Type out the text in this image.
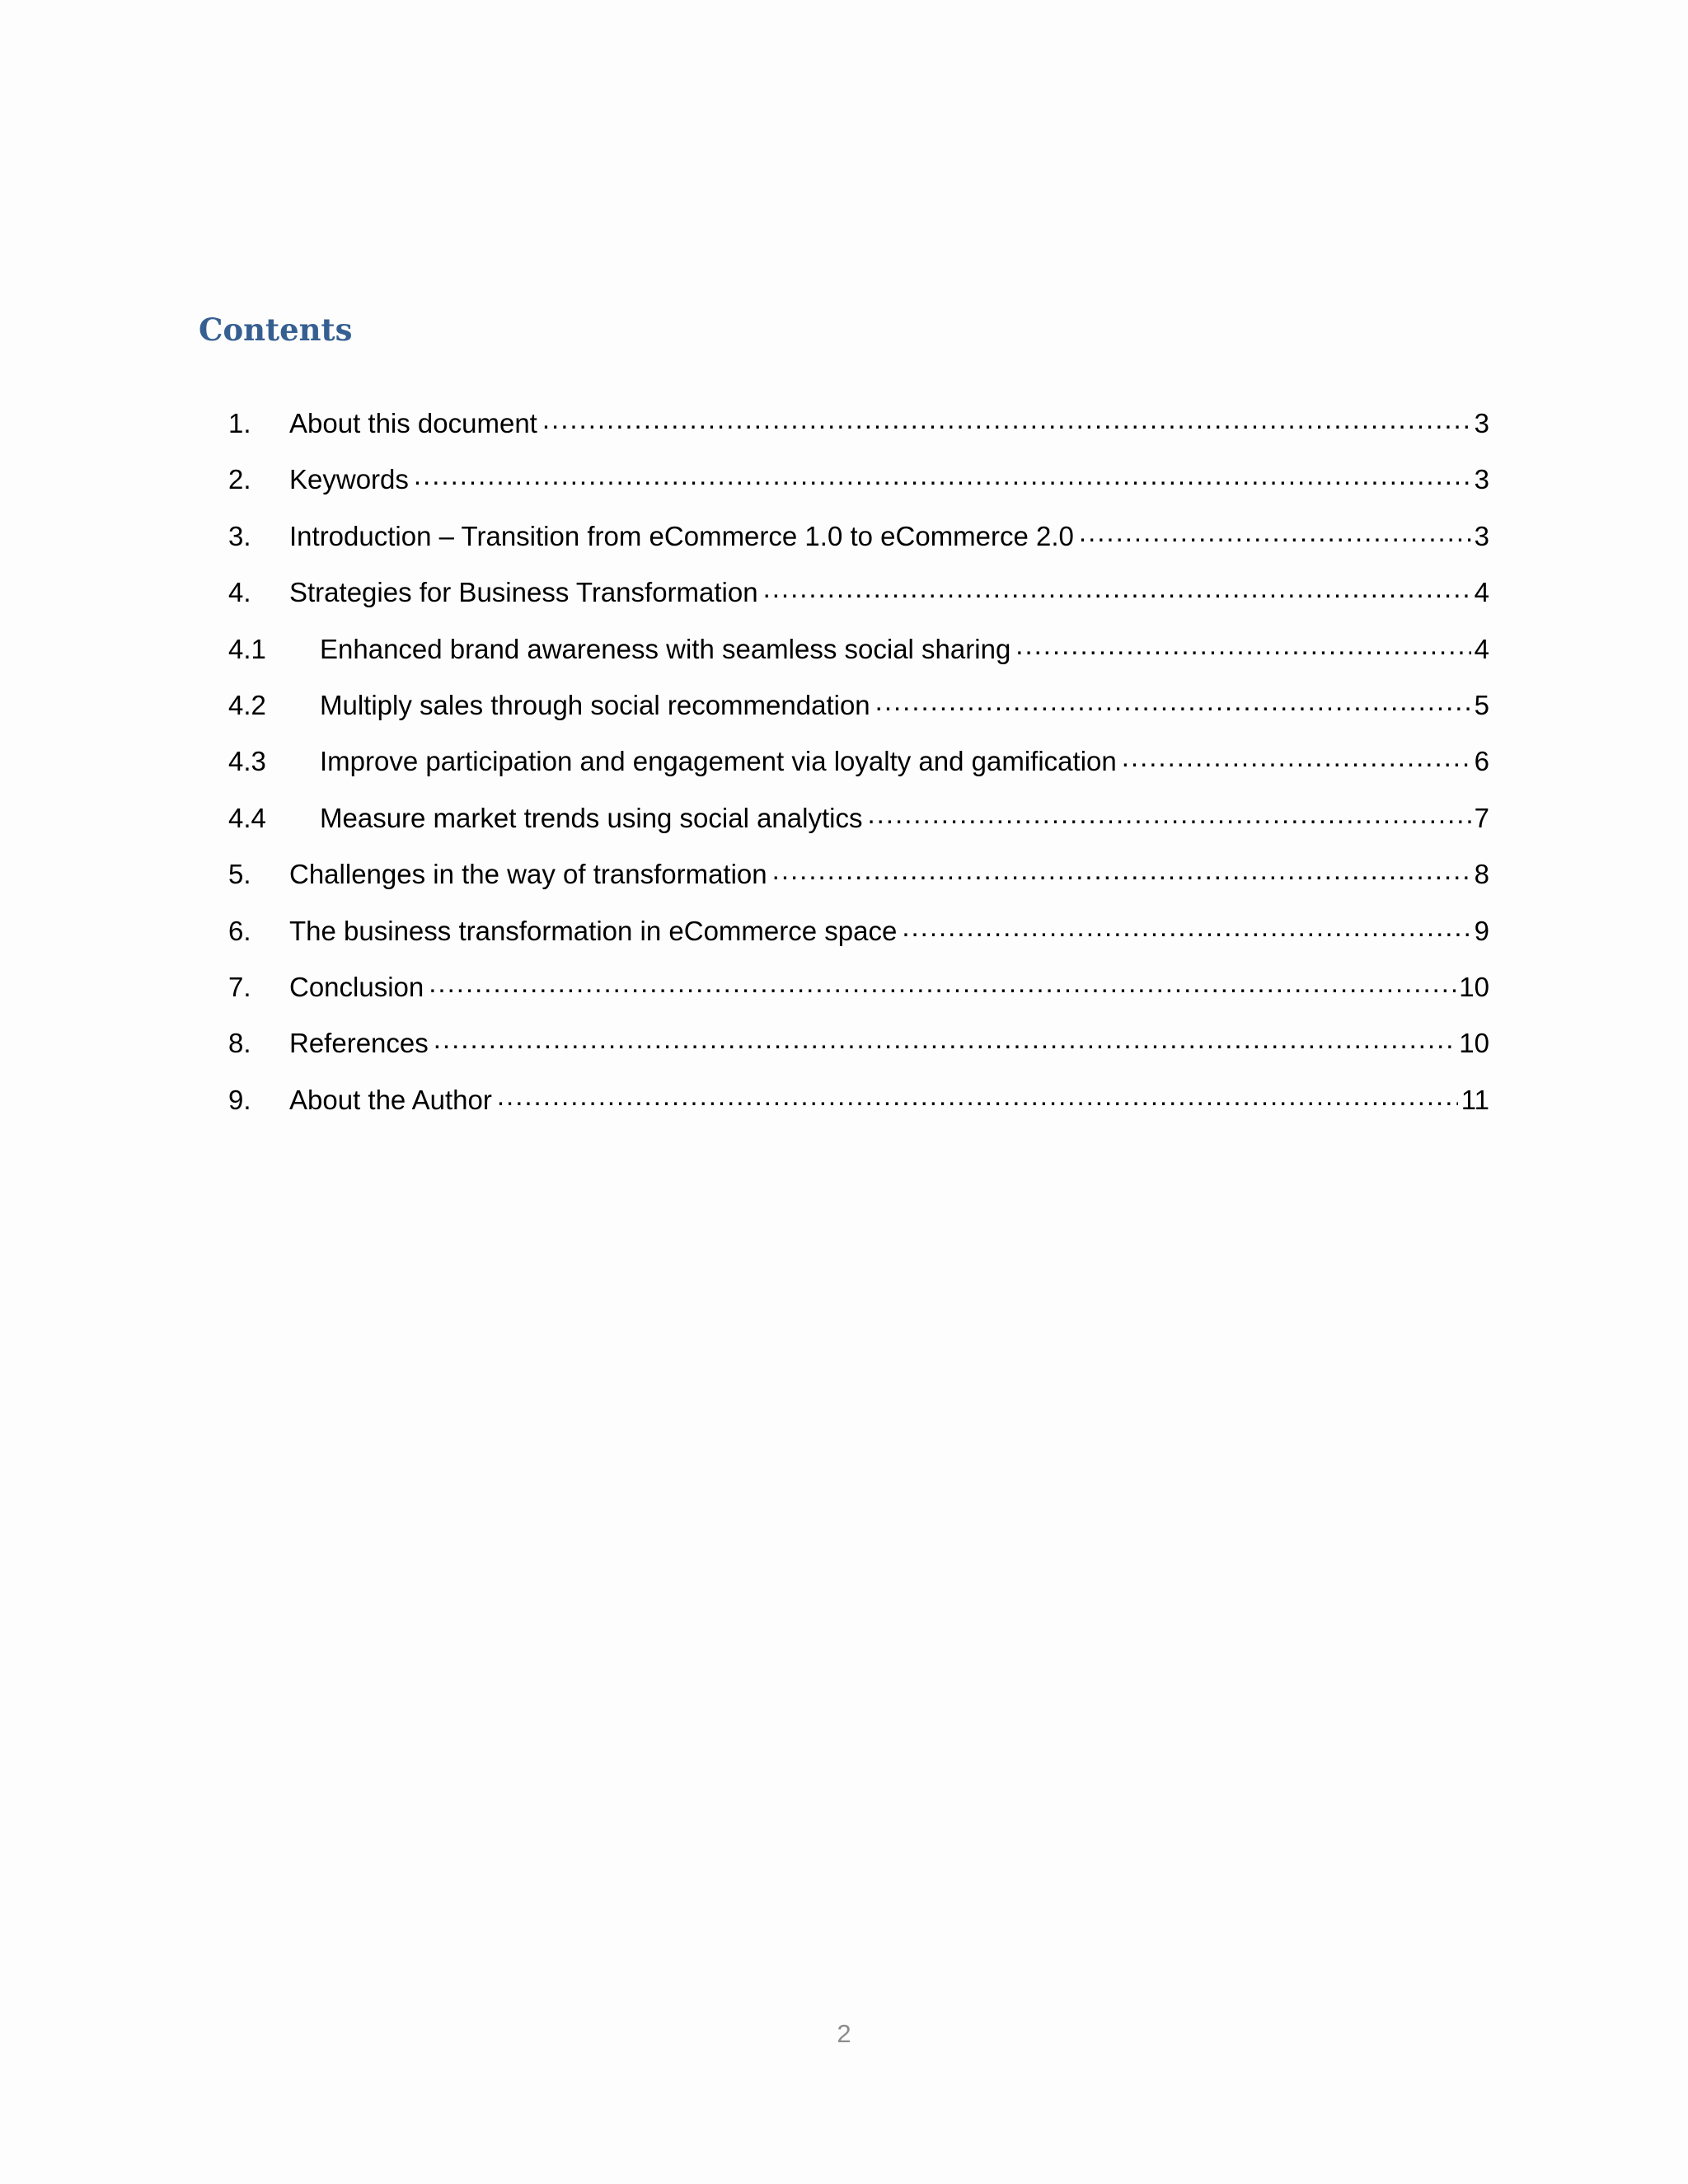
Contents
1.	About this document .....	3
2.	Keywords .....	3
3.	Introduction – Transition from eCommerce 1.0 to eCommerce 2.0 .....	3
4.	Strategies for Business Transformation .....	4
4.1	Enhanced brand awareness with seamless social sharing .....	4
4.2	Multiply sales through social recommendation .....	5
4.3	Improve participation and engagement via loyalty and gamification .....	6
4.4	Measure market trends using social analytics .....	7
5.	Challenges in the way of transformation .....	8
6.	The business transformation in eCommerce space .....	9
7.	Conclusion .....	10
8.	References .....	10
9.	About the Author .....	11
2
